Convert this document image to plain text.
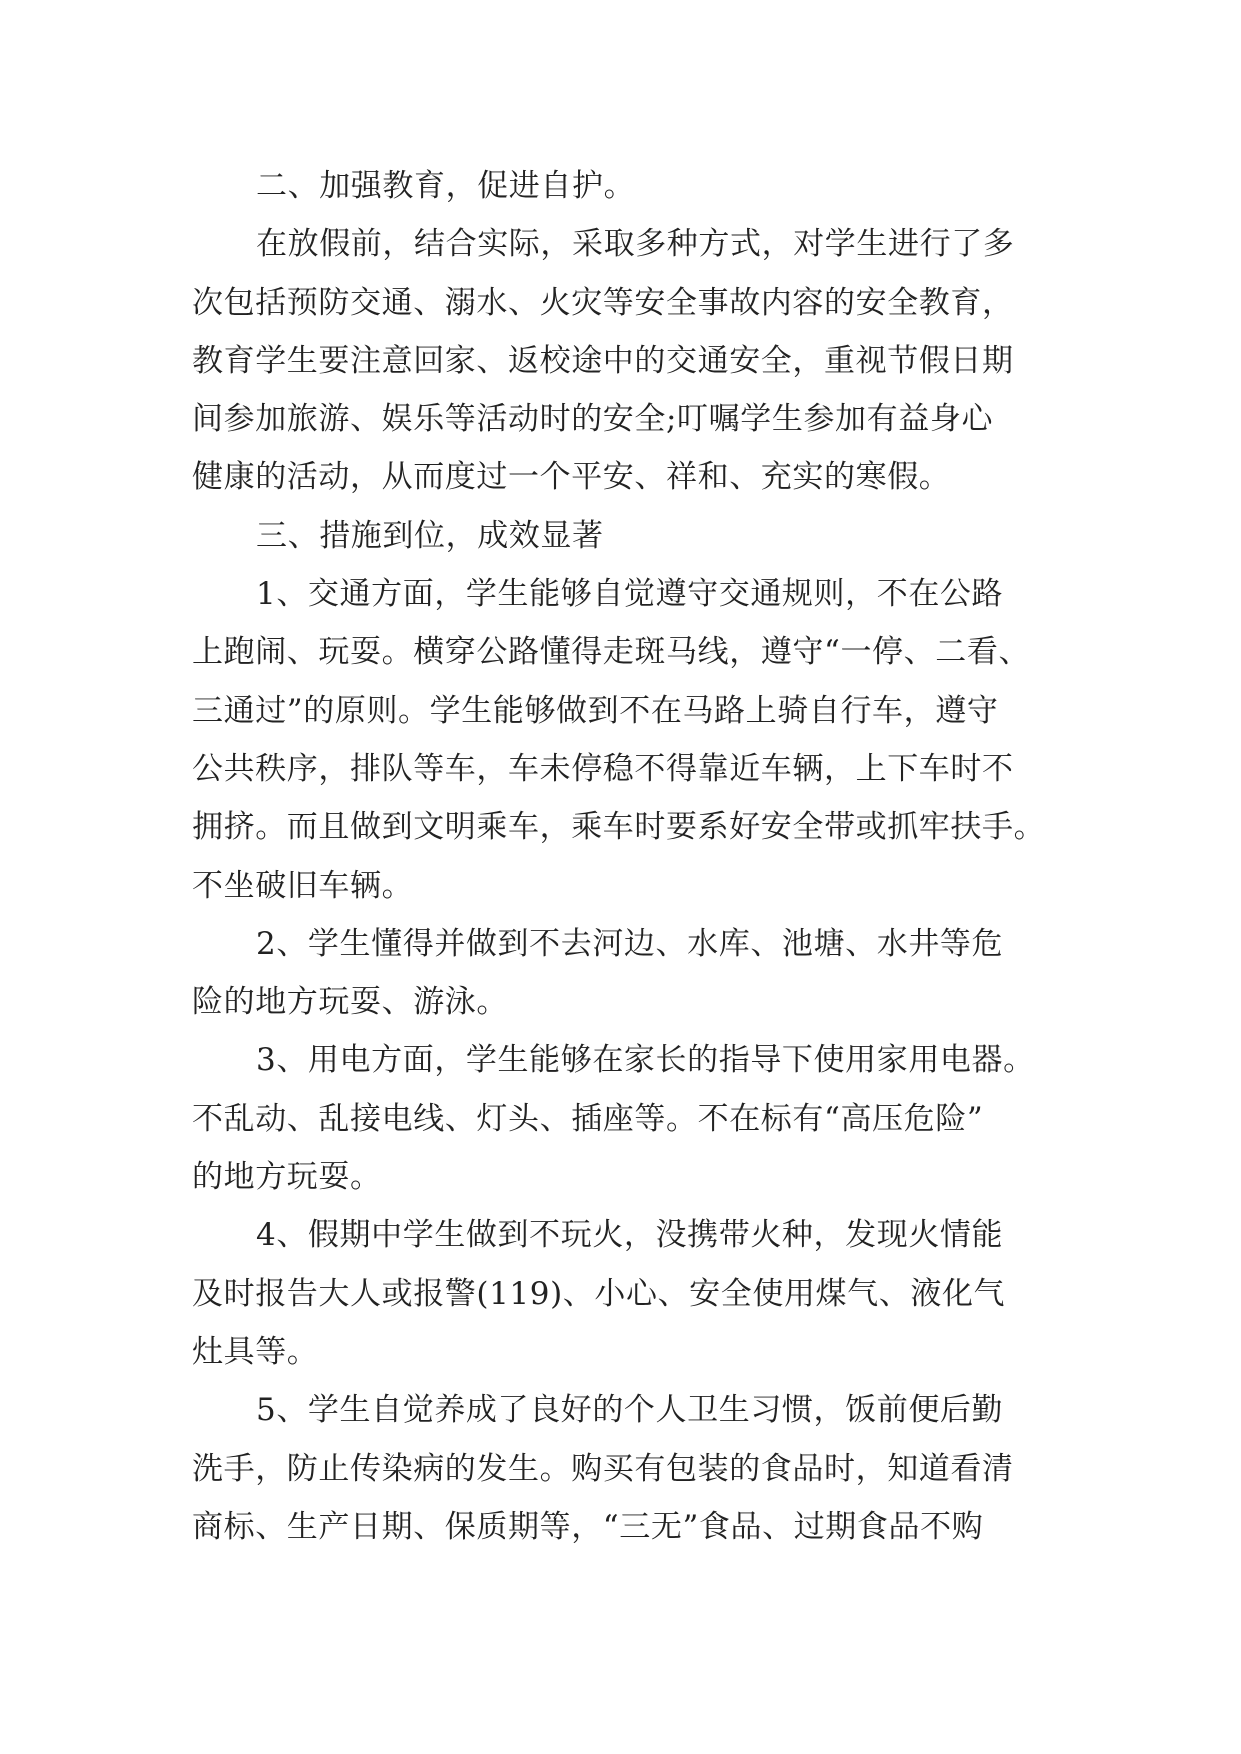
二、加强教育，促进自护。
在放假前，结合实际，采取多种方式，对学生进行了多
次包括预防交通、溺水、火灾等安全事故内容的安全教育，
教育学生要注意回家、返校途中的交通安全，重视节假日期
间参加旅游、娱乐等活动时的安全;叮嘱学生参加有益身心
健康的活动，从而度过一个平安、祥和、充实的寒假。
三、措施到位，成效显著
1、交通方面，学生能够自觉遵守交通规则，不在公路
上跑闹、玩耍。横穿公路懂得走斑马线，遵守“一停、二看、
三通过”的原则。学生能够做到不在马路上骑自行车，遵守
公共秩序，排队等车，车未停稳不得靠近车辆，上下车时不
拥挤。而且做到文明乘车，乘车时要系好安全带或抓牢扶手。
不坐破旧车辆。
2、学生懂得并做到不去河边、水库、池塘、水井等危
险的地方玩耍、游泳。
3、用电方面，学生能够在家长的指导下使用家用电器。
不乱动、乱接电线、灯头、插座等。不在标有“高压危险”
的地方玩耍。
4、假期中学生做到不玩火，没携带火种，发现火情能
及时报告大人或报警(119)、小心、安全使用煤气、液化气
灶具等。
5、学生自觉养成了良好的个人卫生习惯，饭前便后勤
洗手，防止传染病的发生。购买有包装的食品时，知道看清
商标、生产日期、保质期等，“三无”食品、过期食品不购
